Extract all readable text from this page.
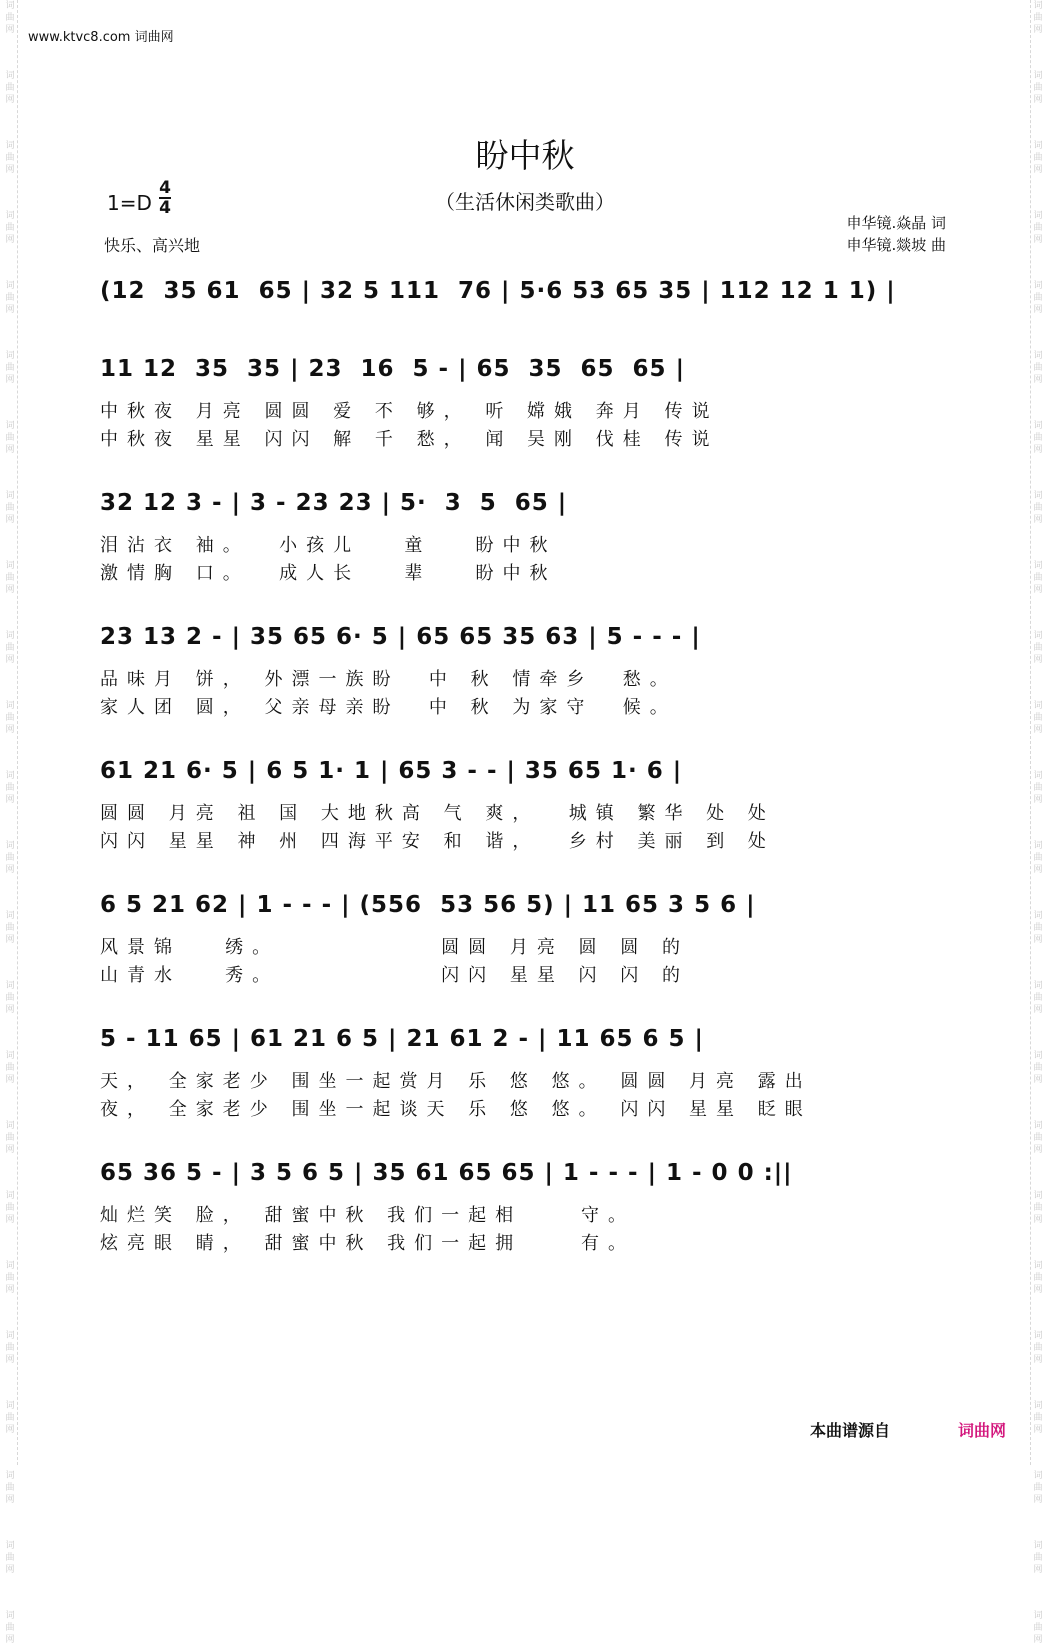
词曲网
词曲网
词曲网
词曲网
词曲网
词曲网
词曲网
词曲网
词曲网
词曲网
词曲网
词曲网
词曲网
词曲网
词曲网
词曲网
词曲网
词曲网
词曲网
词曲网
词曲网
词曲网
词曲网
词曲网
词曲网
词曲网
词曲网
词曲网
词曲网
词曲网
词曲网
词曲网
词曲网
词曲网
词曲网
词曲网
词曲网
词曲网
词曲网
词曲网
词曲网
词曲网
词曲网
词曲网
词曲网
词曲网
词曲网
词曲网
www.ktvc8.com 词曲网
盼中秋
（生活休闲类歌曲）
1=D
4
4
快乐、高兴地
申华镜.焱晶 词
申华镜.燚坡 曲
(12  35 61  65 | 32 5 111  76 | 5·6 53 65 35 | 112 12 1 1) |
11 12  35  35 | 23  16  5 - | 65  35  65  65 |
中秋夜 月亮 圆圆 爱 不 够， 听 嫦娥 奔月 传说
中秋夜 星星 闪闪 解 千 愁， 闻 吴刚 伐桂 传说
32 12 3 - | 3 - 23 23 | 5·  3  5  65 |
泪沾衣 袖。  小孩儿   童   盼中秋
激情胸 口。  成人长   辈   盼中秋
23 13 2 - | 35 65 6· 5 | 65 65 35 63 | 5 - - - |
品味月 饼， 外漂一族盼  中 秋 情牵乡  愁。
家人团 圆， 父亲母亲盼  中 秋 为家守  候。
61 21 6· 5 | 6 5 1· 1 | 65 3 - - | 35 65 1· 6 |
圆圆 月亮 祖 国 大地秋高 气 爽，  城镇 繁华 处 处
闪闪 星星 神 州 四海平安 和 谐，  乡村 美丽 到 处
6 5 21 62 | 1 - - - | (556  53 56 5) | 11 65 3 5 6 |
风景锦   绣。           圆圆 月亮 圆 圆 的
山青水   秀。           闪闪 星星 闪 闪 的
5 - 11 65 | 61 21 6 5 | 21 61 2 - | 11 65 6 5 |
天， 全家老少 围坐一起赏月 乐 悠 悠。 圆圆 月亮 露出
夜， 全家老少 围坐一起谈天 乐 悠 悠。 闪闪 星星 眨眼
65 36 5 - | 3 5 6 5 | 35 61 65 65 | 1 - - - | 1 - 0 0 :||
灿烂笑 脸， 甜蜜中秋 我们一起相    守。
炫亮眼 睛， 甜蜜中秋 我们一起拥    有。
本曲谱源自	词曲网
